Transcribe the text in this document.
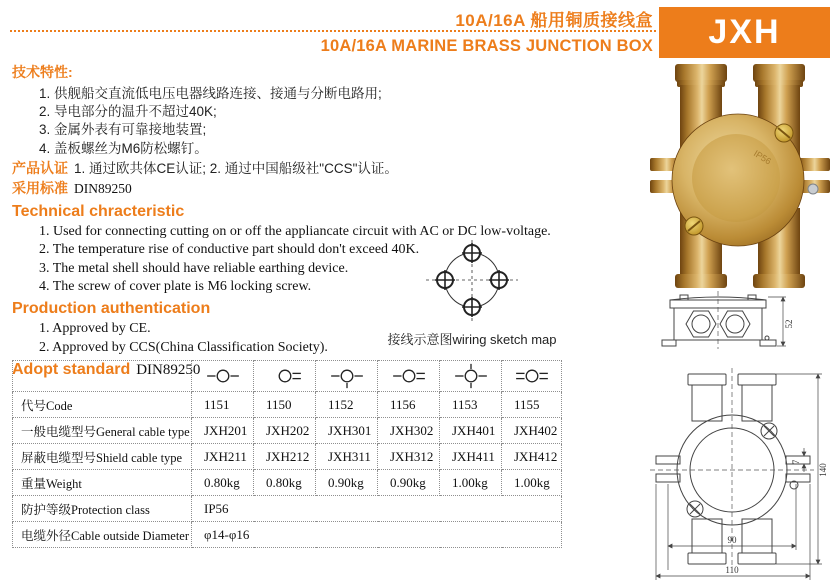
10A/16A 船用铜质接线盒
10A/16A MARINE BRASS JUNCTION BOX JXH
技术特性:
1. 供舰船交直流低电压电器线路连接、接通与分断电路用;
2. 导电部分的温升不超过40K;
3. 金属外表有可靠接地装置;
4. 盖板螺丝为M6防松螺钉。
产品认证 1. 通过欧共体CE认证; 2. 通过中国船级社"CCS"认证。
采用标准 DIN89250
Technical chracteristic
1. Used for connecting cutting on or off the appliancate circuit with AC or DC low-voltage.
2. The temperature rise of conductive part should don't exceed 40K.
3. The metal shell should have reliable earthing device.
4. The screw of cover plate is M6 locking screw.
Production authentication
1. Approved by CE.
2. Approved by CCS(China Classification Society).
Adopt standard DIN89250
接线示意图wiring sketch map

代号Code	1151	1150	1152	1156	1153	1155
一般电缆型号General cable type	JXH201	JXH202	JXH301	JXH302	JXH401	JXH402
屏蔽电缆型号Shield cable type	JXH211	JXH212	JXH311	JXH312	JXH411	JXH412
重量Weight	0.80kg	0.80kg	0.90kg	0.90kg	1.00kg	1.00kg
防护等级Protection class	IP56					
电缆外径Cable outside Diameter	φ14-φ16					
IP56
52
140
7
90
110
